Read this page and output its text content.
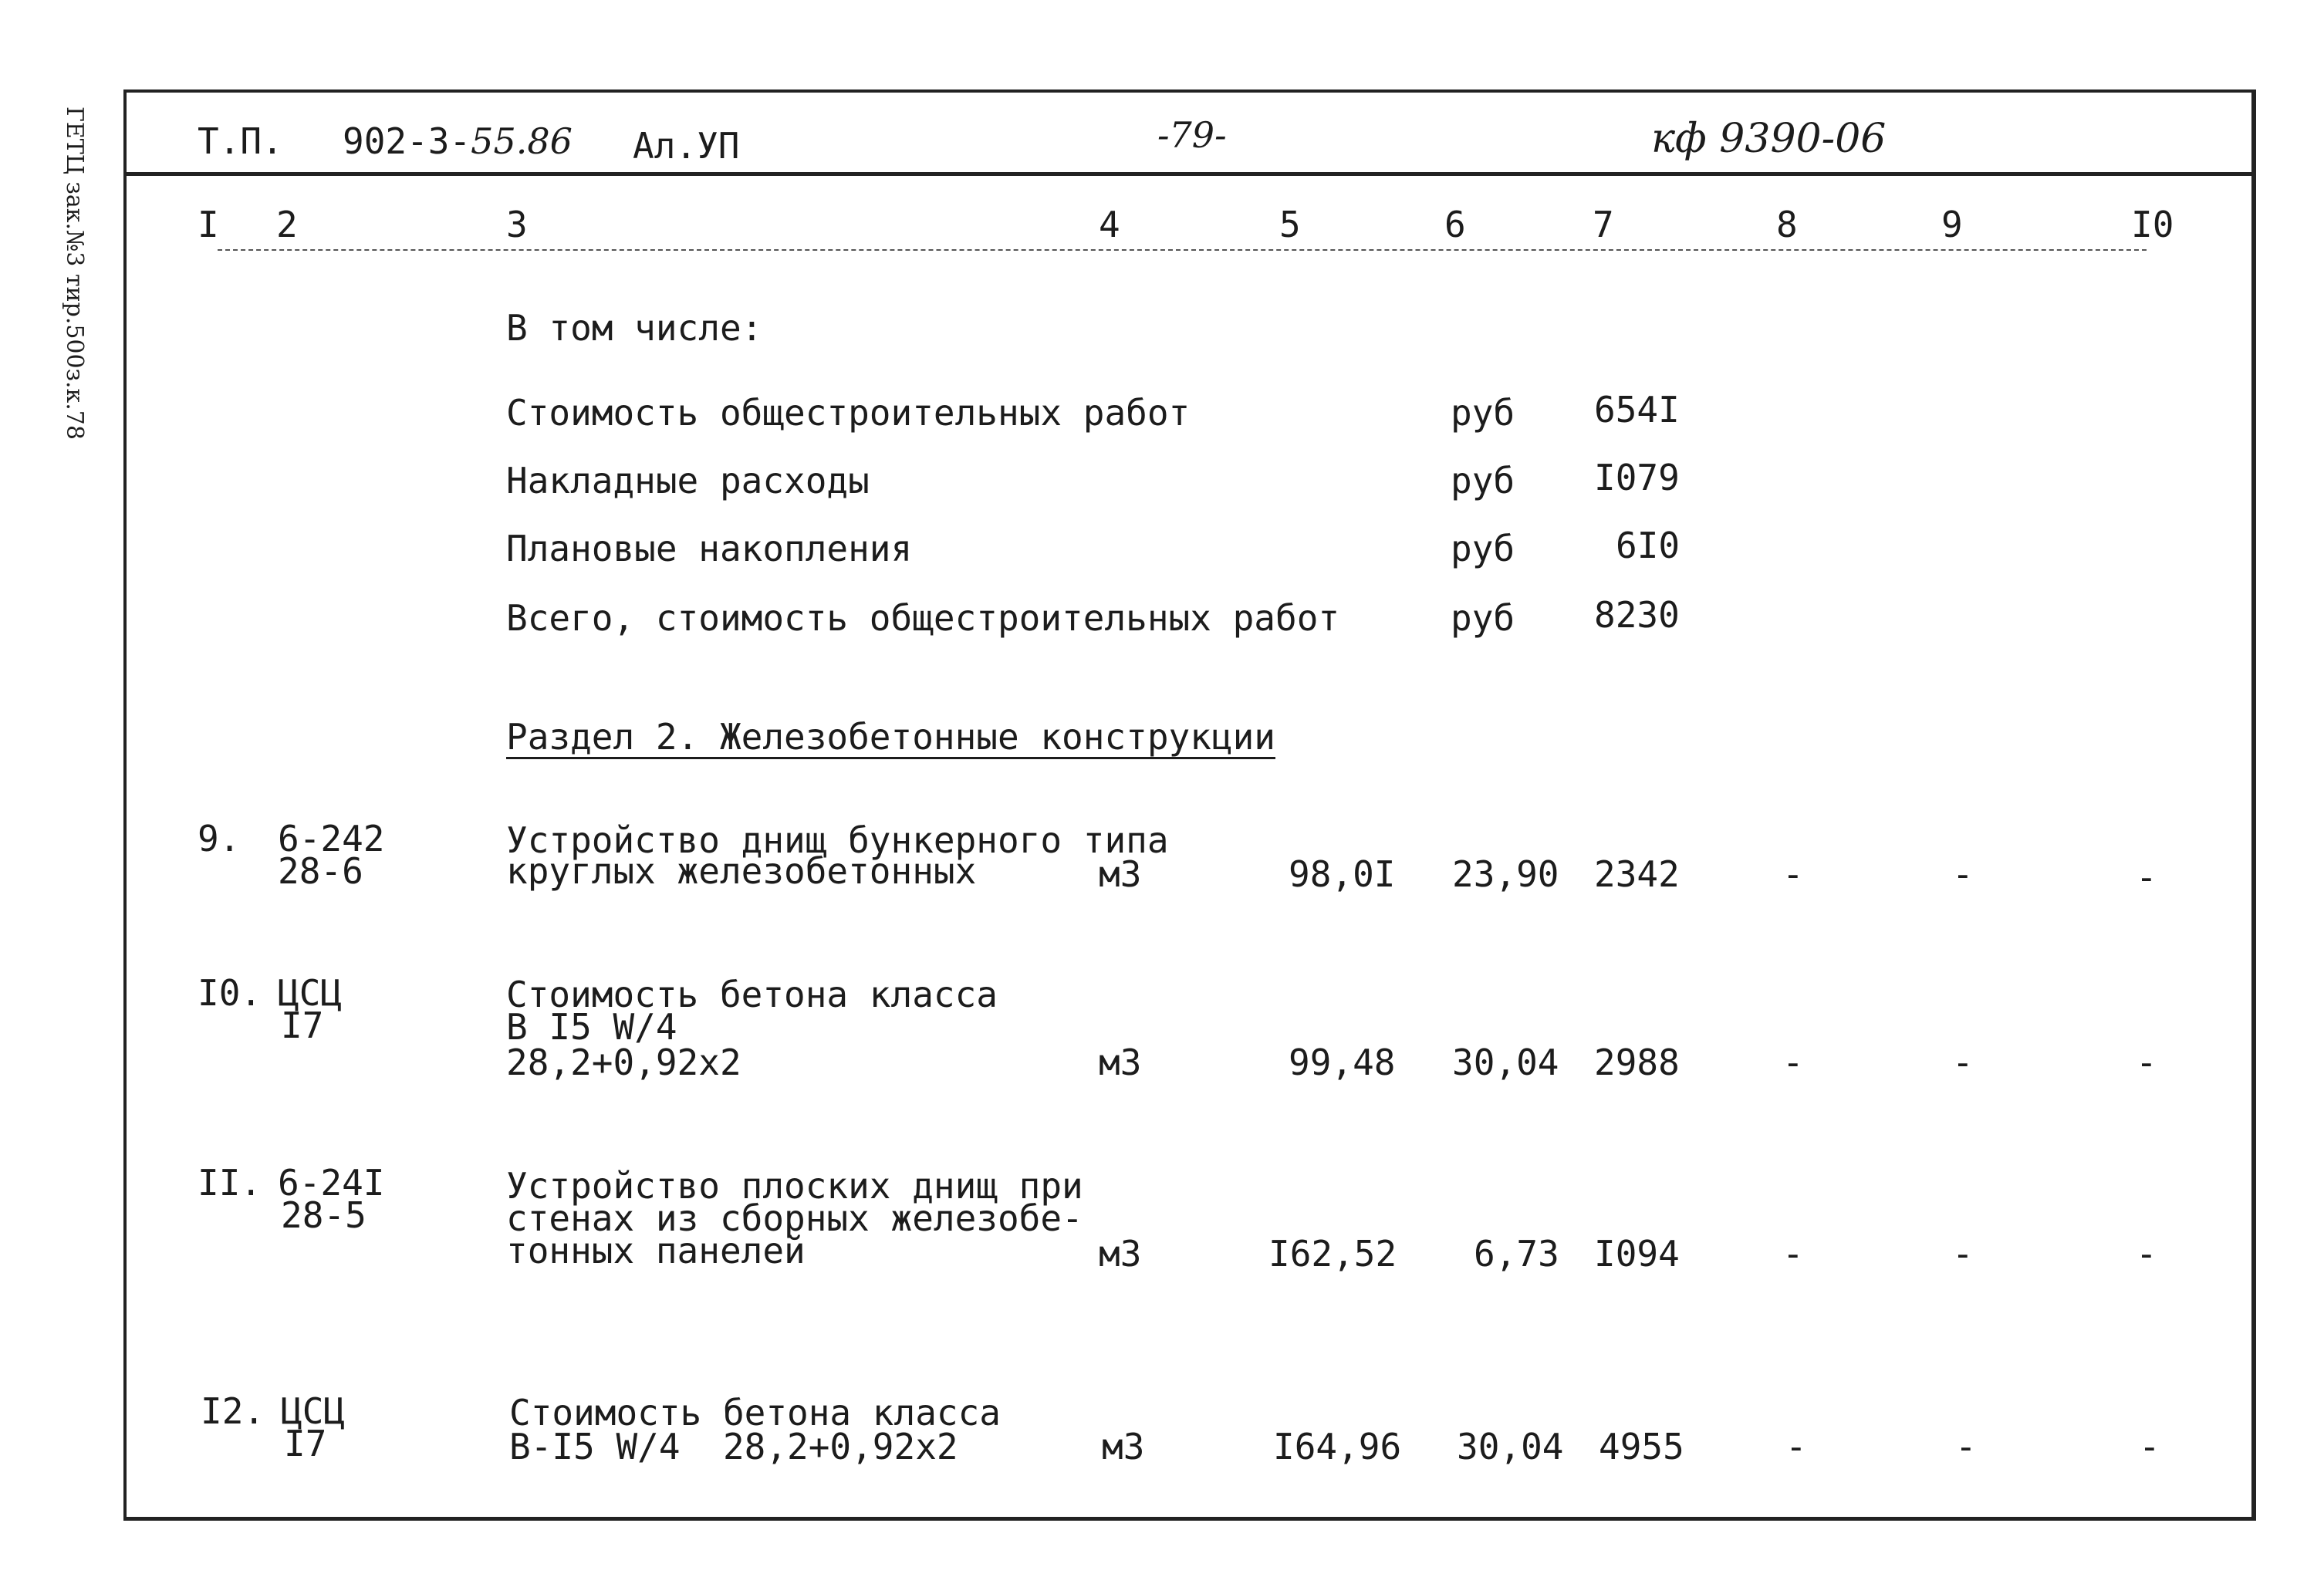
ГЕТЦ зак.№3 тир.500з.к.78	Т.П. 902-3-55.86 Ал.УП	-79-	кф 9390-06
I 2	3	4	5	6	7	8	9	I0
В том числе:
Стоимость общестроительных работ	руб 654I
Накладные расходы	руб I079
Плановые накопления	руб	6I0
Всего, стоимость общестроительных работ	руб 8230
Раздел 2. Железобетонные конструкции
9. 6-242
28-6
Устройство днищ бункерного типа
круглых железобетонных	м3	98,0I 23,90 2342	-	-	-
I0. ЦСЦ
I7
Стоимость бетона класса
В I5 W/4
28,2+0,92х2	м3	99,48 30,04 2988	-	-	-
II. 6-24I
28-5
Устройство плоских днищ при
стенах из сборных железобе-
тонных панелей	м3	I62,52 6,73 I094	-	-	-
I2. ЦСЦ
I7
Стоимость бетона класса
В-I5 W/4  28,2+0,92х2	м3	I64,96 30,04 4955	-	-	-
